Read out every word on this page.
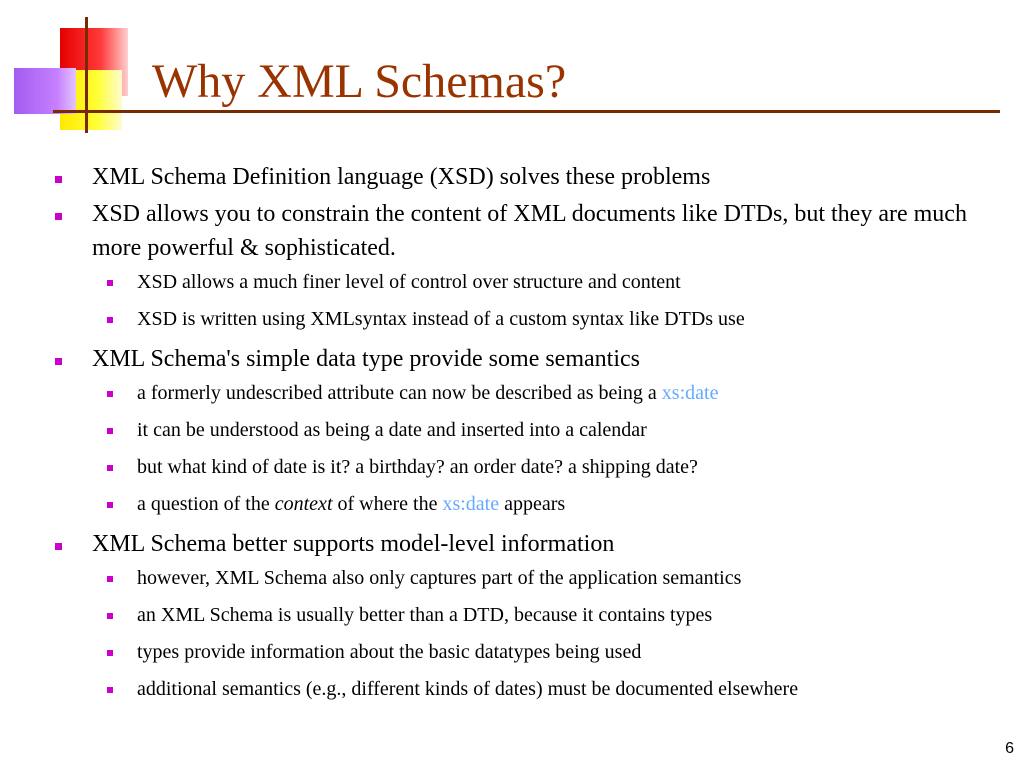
Why XML Schemas?
XML Schema Definition language (XSD) solves these problems
XSD allows you to constrain the content of XML documents like DTDs, but they are much more powerful & sophisticated.
XSD allows a much finer level of control over structure and content
XSD is written using XMLsyntax instead of a custom syntax like DTDs use
XML Schema's simple data type provide some semantics
a formerly undescribed attribute can now be described as being a xs:date
it can be understood as being a date and inserted into a calendar
but what kind of date is it? a birthday? an order date? a shipping date?
a question of the context of where the xs:date appears
XML Schema better supports model-level information
however, XML Schema also only captures part of the application semantics
an XML Schema is usually better than a DTD, because it contains types
types provide information about the basic datatypes being used
additional semantics (e.g., different kinds of dates) must be documented elsewhere
6
